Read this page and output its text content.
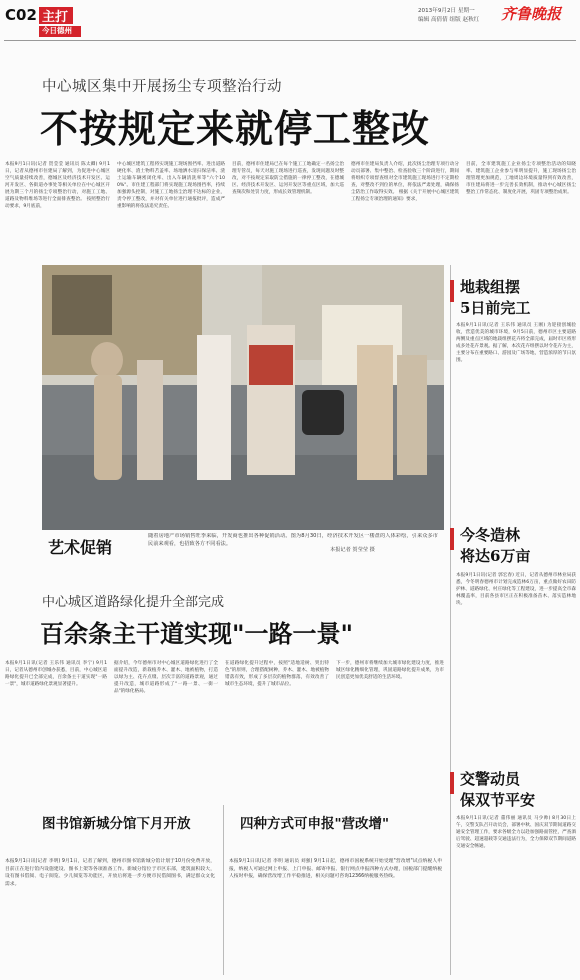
C02 主打
今日德州
2013年9月2日 星期一
编辑 高倩倩 组版 赵秋红 齐鲁晚报
中心城区集中开展扬尘专项整治行动
不按规定来就停工整改
本报9月1日讯(记者 贺莹莹 通讯员 陈太卿) 9月1日，记者从德州市住建局了解到，为促进中心城区空气质量持续改善，德城区及经济技术开发区、运河开发区、各街道办事处等相关单位在中心城区开展为期三个月的扬尘专项整治行动，对施工工地、道路及物料堆场等进行全面排查整治。 按照整治行动要求，9月底前，
中心城区建筑工程将实现施工现场围挡率、进出道路硬化率、渣土物料苫盖率、场地洒水清扫保洁率、渣土运输车辆密闭化率、出入车辆清洗率等"六个100%"。市住建工程部门将实现施工现场围挡率，持续加强源头控制，对施工工地扬尘治理不达标的企业，责令停工整改，并对有关单位进行通报批评，造成严重影响的将依法追究责任。
目前，德州市住建局已在每个施工工地确定一名扬尘治理专管员，每天对施工现场进行巡查，发现问题及时整改，对不按规定采取防尘措施的一律停工整改，在德城区、经济技术开发区、运河开发区等重点区域，加大巡查频次和处罚力度，形成长效管理机制。
德州市住建局负责人介绍，此次扬尘治理专项行动分动员部署、集中整治、检查验收三个阶段进行，期间将组织专项督查组对全市建筑施工现场进行不定期检查，对整改不到位的单位，将依法严肃处理，确保扬尘防治工作取得实效。 根据《关于开展中心城区建筑工程扬尘专项治理的通知》要求，
目前，全市建筑施工企业扬尘专项整治活动的知晓率、建筑施工企业参与率明显提升，施工现场扬尘治理管理更加规范，工地周边环境质量得到有效改善，市住建局将进一步完善长效机制，推动中心城区扬尘整治工作常态化、制度化开展，巩固专项整治成果。
艺术促销
随着房地产市场销售旺季来临，开发商也推出各种促销活动。图为8月30日，经济技术开发区一楼盘的人体彩绘，引来众多市民前来观看，也招致各方不同看法。
本报记者 贺莹莹 摄
中心城区道路绿化提升全部完成
百余条主干道实现"一路一景"
本报9月1日讯(记者 王乐伟 通讯员 李宁) 9月1日，记者从德州市创城办获悉，目前，中心城区道路绿化提升已全部完成，百余条主干道实现"一路一景"，城市道路绿化景观显著提升。
据介绍，今年德州市对中心城区道路绿化进行了全面提升改造，新栽植乔木、灌木、地被植物，打造以绿为主、花卉点缀、层次丰富的道路景观，通过提升改造，城市道路形成了"一路一景、一街一品"的绿化格局。
在道路绿化提升过程中，按照"适地适树、突出特色"的原则，合理搭配树种，乔木、灌木、地被植物错落有致，形成了多层次的植物群落，有效改善了城市生态环境，提升了城市品位。
下一步，德州市将继续加大城市绿化建设力度，推进城区绿化精细化管理，巩固道路绿化提升成果，为市民创造更加优美舒适的生活环境。
图书馆新城分馆下月开放
本报9月1日讯(记者 李明) 9月1日，记者了解到，德州市图书馆新城分馆计划于10月份免费开放，目前正在进行馆内设施建设、图书上架等各项准备工作。新城分馆位于市区东部，建筑面积较大，设有图书借阅、电子阅览、少儿阅览等功能区，开放后将进一步方便市民借阅图书，满足群众文化需求。
四种方式可申报"营改增"
本报9月1日讯(记者 李明 通讯员 刘强) 9月1日起，德州市国税系统开始受理"营改增"试点纳税人申报，纳税人可通过网上申报、上门申报、邮寄申报、银行网点申报四种方式办理，国税部门提醒纳税人按时申报，确保营改增工作平稳推进，相关问题可咨询12366纳税服务热线。
地栽组摆
5日前完工
本报9月1日讯(记者 王乐伟 通讯员 王刚) 为迎接创城验收，营造优美的城市环境，9月5日前，德州市区主要道路两侧及重点区域的地栽组摆花卉将全部完成，届时市区将形成多处花卉景观。据了解，本次花卉组摆以时令花卉为主，主要分布在重要路口、游园及广场等地，营造浓厚的节日氛围。
今冬造林
将达6万亩
本报9月1日讯(记者 郭宏春) 近日，记者从德州市林业局获悉，今冬明春德州市计划完成造林6万亩，重点做好农田防护林、道路绿化、村庄绿化等工程建设，进一步提高全市森林覆盖率，目前各县市区正在积极准备苗木、落实造林地块。
交警动员
保双节平安
本报9月1日讯(记者 董伟丽 通讯员 马少帅) 8月30日上午，交警支队召开动员会，部署中秋、国庆双节期间道路交通安全管理工作，要求各级全力以赴加强路面管控，严查酒后驾驶、超速超载等交通违法行为，全力保障双节期间道路交通安全畅通。
